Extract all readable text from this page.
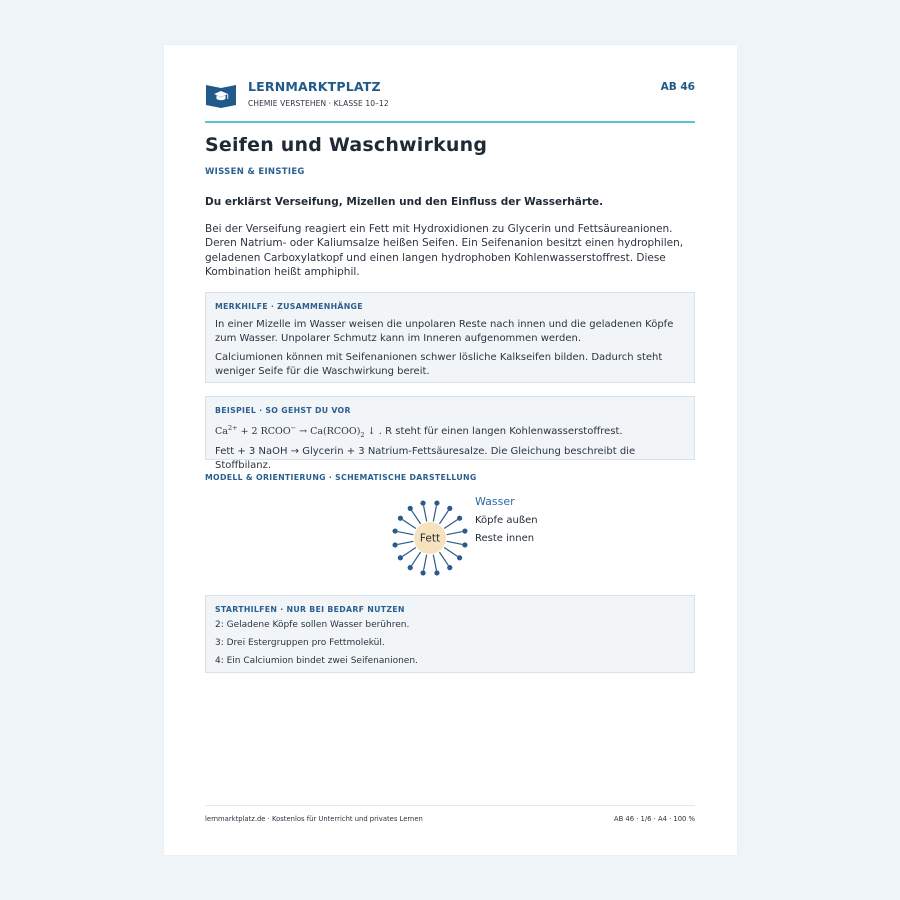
LERNMARKTPLATZ
CHEMIE VERSTEHEN · KLASSE 10–12
AB 46
Seifen und Waschwirkung
WISSEN & EINSTIEG
Du erklärst Verseifung, Mizellen und den Einfluss der Wasserhärte.

Bei der Verseifung reagiert ein Fett mit Hydroxidionen zu Glycerin und Fettsäureanionen. Deren Natrium- oder Kaliumsalze heißen Seifen. Ein Seifenanion besitzt einen hydrophilen, geladenen Carboxylatkopf und einen langen hydrophoben Kohlenwasserstoffrest. Diese Kombination heißt amphiphil.

MERKHILFE · ZUSAMMENHÄNGE

In einer Mizelle im Wasser weisen die unpolaren Reste nach innen und die geladenen Köpfe zum Wasser. Unpolarer Schmutz kann im Inneren aufgenommen werden.

Calciumionen können mit Seifenanionen schwer lösliche Kalkseifen bilden. Dadurch steht weniger Seife für die Waschwirkung bereit.

BEISPIEL · SO GEHST DU VOR

$Ca^{2+} + 2$ RCOO− → $Ca(RCOO)_2$ ↓ . R steht für einen langen Kohlenwasserstoffrest.

Fett + 3 NaOH → Glycerin + 3 Natrium-Fettsäuresalze. Die Gleichung beschreibt die Stoffbilanz.

MODELL & ORIENTIERUNG · SCHEMATISCHE DARSTELLUNG
Fett
Wasser
Köpfe außen
Reste innen
STARTHILFEN · NUR BEI BEDARF NUTZEN

2: Geladene Köpfe sollen Wasser berühren.

3: Drei Estergruppen pro Fettmolekül.

4: Ein Calciumion bindet zwei Seifenanionen.

lernmarktplatz.de · Kostenlos für Unterricht und privates Lernen	AB 46 · 1/6 · A4 · 100 %
